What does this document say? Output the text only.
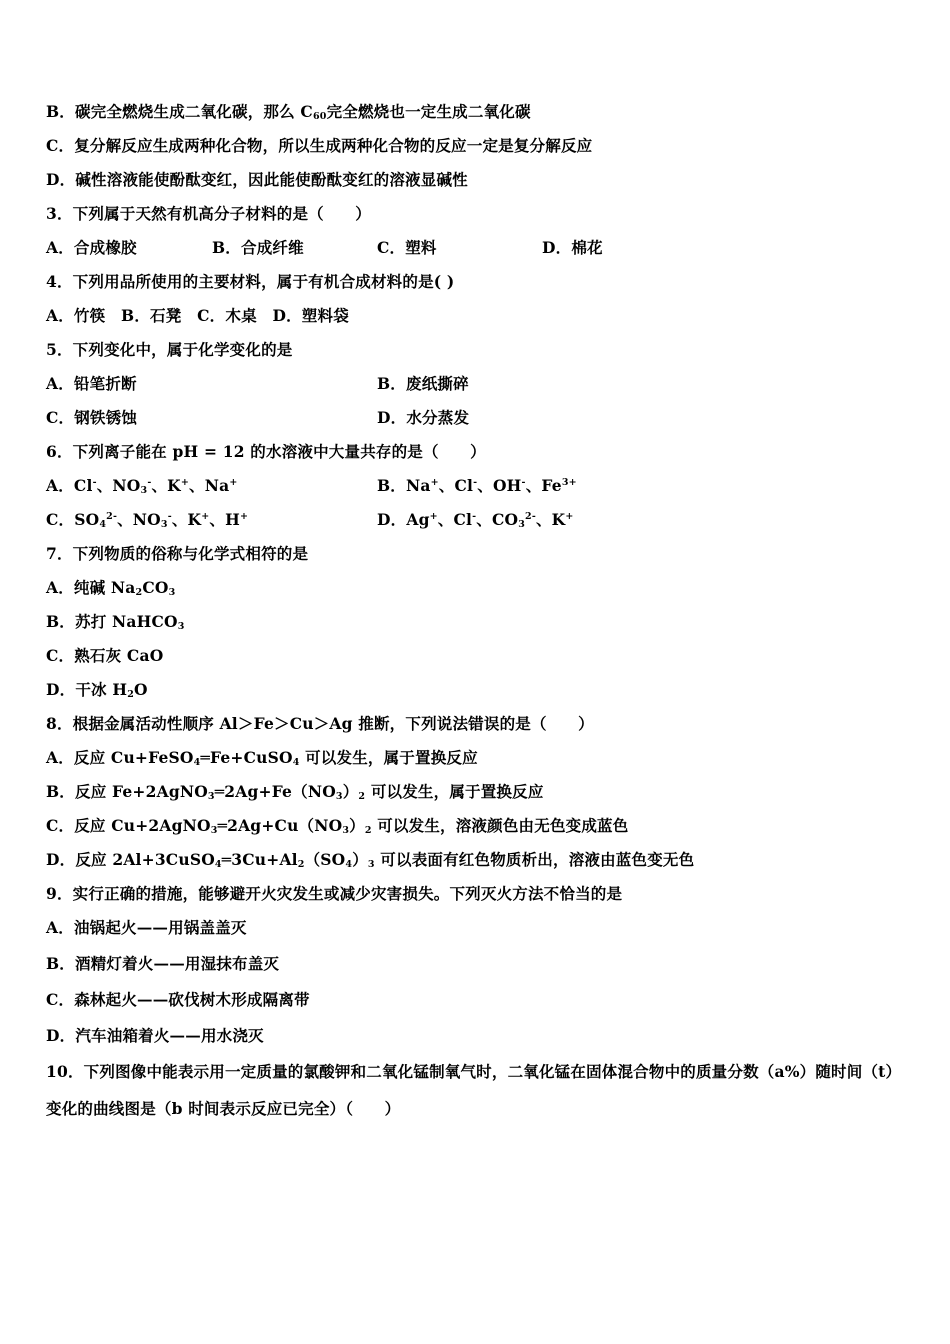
B．碳完全燃烧生成二氧化碳，那么 $C_{60}$完全燃烧也一定生成二氧化碳
C．复分解反应生成两种化合物，所以生成两种化合物的反应一定是复分解反应
D．碱性溶液能使酚酞变红，因此能使酚酞变红的溶液显碱性
3．下列属于天然有机高分子材料的是（　　）
A．合成橡胶	B．合成纤维	C．塑料	D．棉花
4．下列用品所使用的主要材料，属于有机合成材料的是( )
A．竹筷　B．石凳　C．木桌　D．塑料袋
5．下列变化中，属于化学变化的是
A．铅笔折断	B．废纸撕碎
C．钢铁锈蚀	D．水分蒸发
6．下列离子能在 pH = 12 的水溶液中大量共存的是（　　）
A．Cl-、$NO_3^-$、K+、Na+	B．Na+、Cl-、OH-、$Fe^{3+}$
C．$SO_4^{2-}$、$NO_3^-$、K+、H+	D．Ag+、Cl-、$CO_3^{2-}$、K+
7．下列物质的俗称与化学式相符的是
A．纯碱 $Na_2CO_3$
B．苏打 NaHCO$_3$
C．熟石灰 CaO
D．干冰 $H_2O$
8．根据金属活动性顺序 Al＞Fe＞Cu＞Ag 推断，下列说法错误的是（　　）
A．反应 Cu+FeSO$_4$═Fe+CuSO$_4$ 可以发生，属于置换反应
B．反应 $Fe+2AgNO_3═2Ag+Fe(NO_3)_2$ 可以发生，属于置换反应
C．反应 $Cu+2AgNO_3═2Ag+Cu(NO_3)_2$ 可以发生，溶液颜色由无色变成蓝色
D．反应 $2Al+3CuSO_4═3Cu+Al_2(SO_4)_3$ 可以表面有红色物质析出，溶液由蓝色变无色
9．实行正确的措施，能够避开火灾发生或减少灾害损失。下列灭火方法不恰当的是
A．油锅起火——用锅盖盖灭
B．酒精灯着火——用湿抹布盖灭
C．森林起火——砍伐树木形成隔离带
D．汽车油箱着火——用水浇灭
10．下列图像中能表示用一定质量的氯酸钾和二氧化锰制氧气时，二氧化锰在固体混合物中的质量分数（a%）随时间（t）变化的曲线图是（b 时间表示反应已完全）（　　）
